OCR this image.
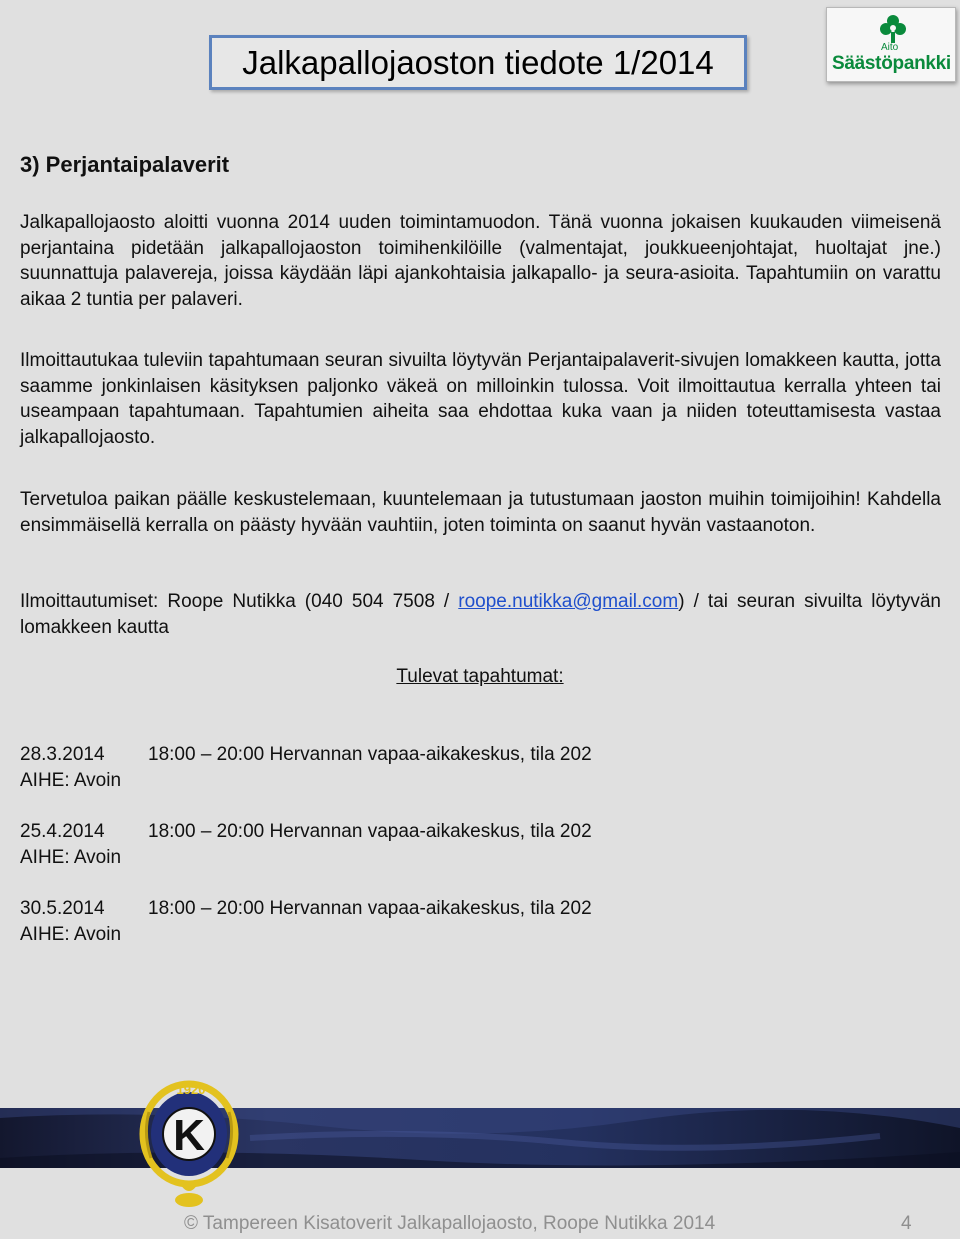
Jalkapallojaoston tiedote 1/2014	Aito
Säästöpankki
3) Perjantaipalaverit

Jalkapallojaosto aloitti vuonna 2014 uuden toimintamuodon. Tänä vuonna jokaisen kuukauden viimeisenä perjantaina pidetään jalkapallojaoston toimihenkilöille (valmentajat, joukkueenjohtajat, huoltajat jne.) suunnattuja palavereja, joissa käydään läpi ajankohtaisia jalkapallo- ja seura-asioita. Tapahtumiin on varattu aikaa 2 tuntia per palaveri.

Ilmoittautukaa tuleviin tapahtumaan seuran sivuilta löytyvän Perjantaipalaverit-sivujen lomakkeen kautta, jotta saamme jonkinlaisen käsityksen paljonko väkeä on milloinkin tulossa. Voit ilmoittautua kerralla yhteen tai useampaan tapahtumaan. Tapahtumien aiheita saa ehdottaa kuka vaan ja niiden toteuttamisesta vastaa jalkapallojaosto.

Tervetuloa paikan päälle keskustelemaan, kuuntelemaan ja tutustumaan jaoston muihin toimijoihin! Kahdella ensimmäisellä kerralla on päästy hyvään vauhtiin, joten toiminta on saanut hyvän vastaanoton.

Ilmoittautumiset: Roope Nutikka (040 504 7508 / roope.nutikka@gmail.com) / tai seuran sivuilta löytyvän lomakkeen kautta

Tulevat tapahtumat:
28.3.2014 18:00 – 20:00 Hervannan vapaa-aikakeskus, tila 202
AIHE: Avoin
25.4.2014 18:00 – 20:00 Hervannan vapaa-aikakeskus, tila 202
AIHE: Avoin
30.5.2014 18:00 – 20:00 Hervannan vapaa-aikakeskus, tila 202
AIHE: Avoin
K
1920
© Tampereen Kisatoverit Jalkapallojaosto, Roope Nutikka 2014	4
